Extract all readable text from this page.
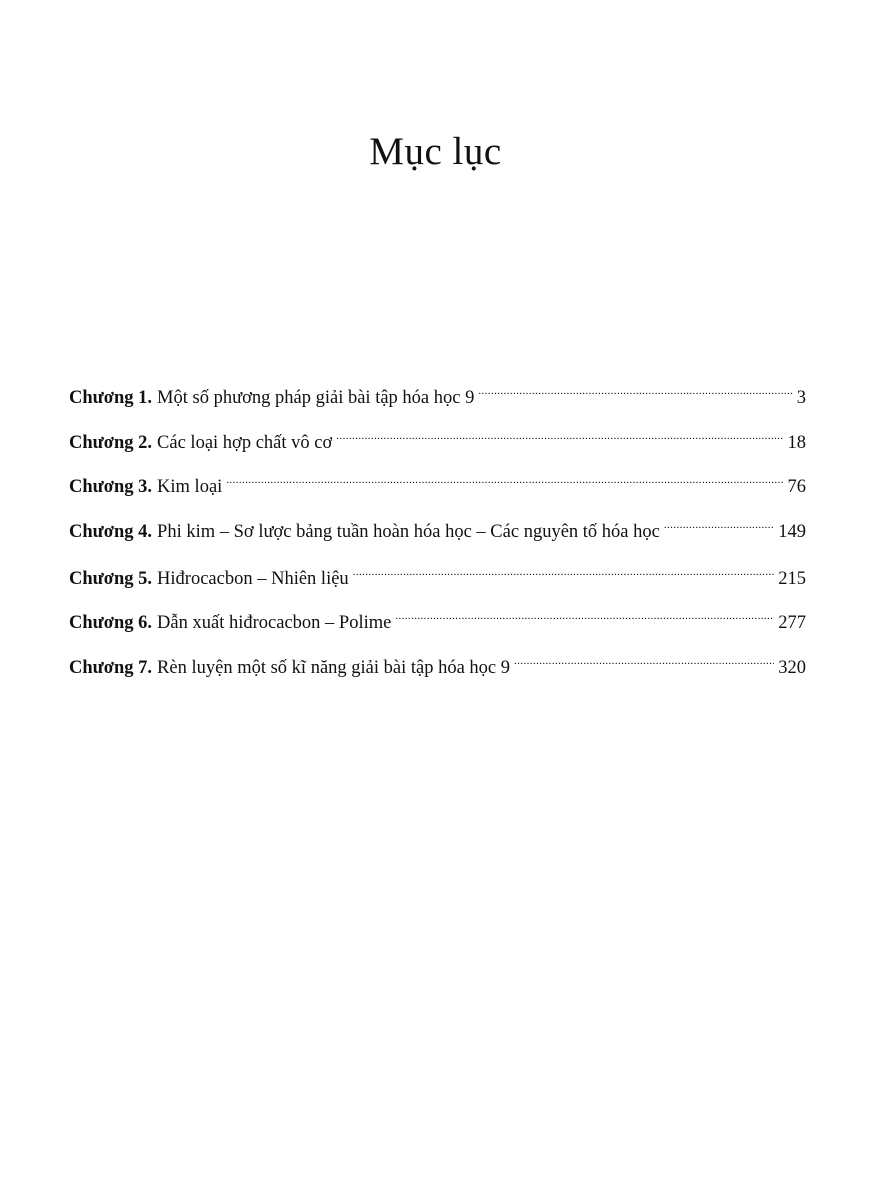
Mục lục
Chương 1. Một số phương pháp giải bài tập hóa học 9 .....	3
Chương 2. Các loại hợp chất vô cơ .....	18
Chương 3. Kim loại .....	76
Chương 4. Phi kim – Sơ lược bảng tuần hoàn hóa học – Các nguyên tố hóa học .....	149
Chương 5. Hiđrocacbon – Nhiên liệu .....	215
Chương 6. Dẫn xuất hiđrocacbon – Polime .....	277
Chương 7. Rèn luyện một số kĩ năng giải bài tập hóa học 9 .....	320
